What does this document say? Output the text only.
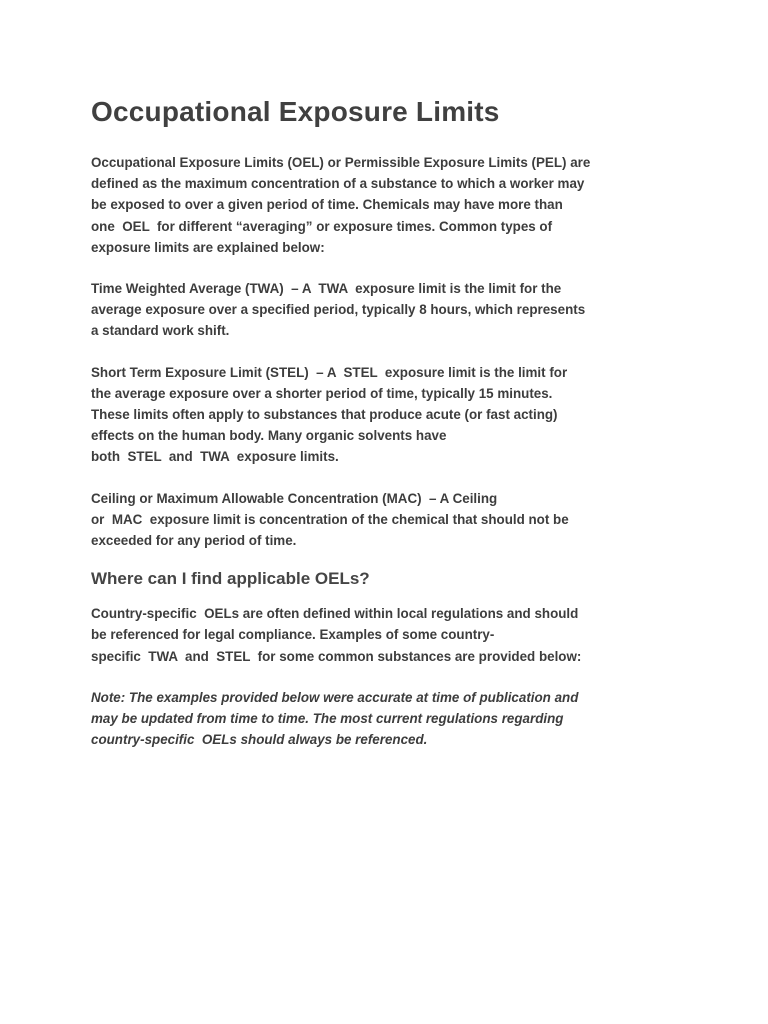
Occupational Exposure Limits
Occupational Exposure Limits (OEL) or Permissible Exposure Limits (PEL) are
defined as the maximum concentration of a substance to which a worker may
be exposed to over a given period of time. Chemicals may have more than
one  OEL  for different “averaging” or exposure times. Common types of
exposure limits are explained below:
Time Weighted Average (TWA)  – A  TWA  exposure limit is the limit for the
average exposure over a specified period, typically 8 hours, which represents
a standard work shift.
Short Term Exposure Limit (STEL)  – A  STEL  exposure limit is the limit for
the average exposure over a shorter period of time, typically 15 minutes.
These limits often apply to substances that produce acute (or fast acting)
effects on the human body. Many organic solvents have
both  STEL  and  TWA  exposure limits.
Ceiling or Maximum Allowable Concentration (MAC)  – A Ceiling
or  MAC  exposure limit is concentration of the chemical that should not be
exceeded for any period of time.
Where can I find applicable OELs?
Country-specific  OELs are often defined within local regulations and should
be referenced for legal compliance. Examples of some country-
specific  TWA  and  STEL  for some common substances are provided below:
Note: The examples provided below were accurate at time of publication and
may be updated from time to time. The most current regulations regarding
country-specific  OELs should always be referenced.
